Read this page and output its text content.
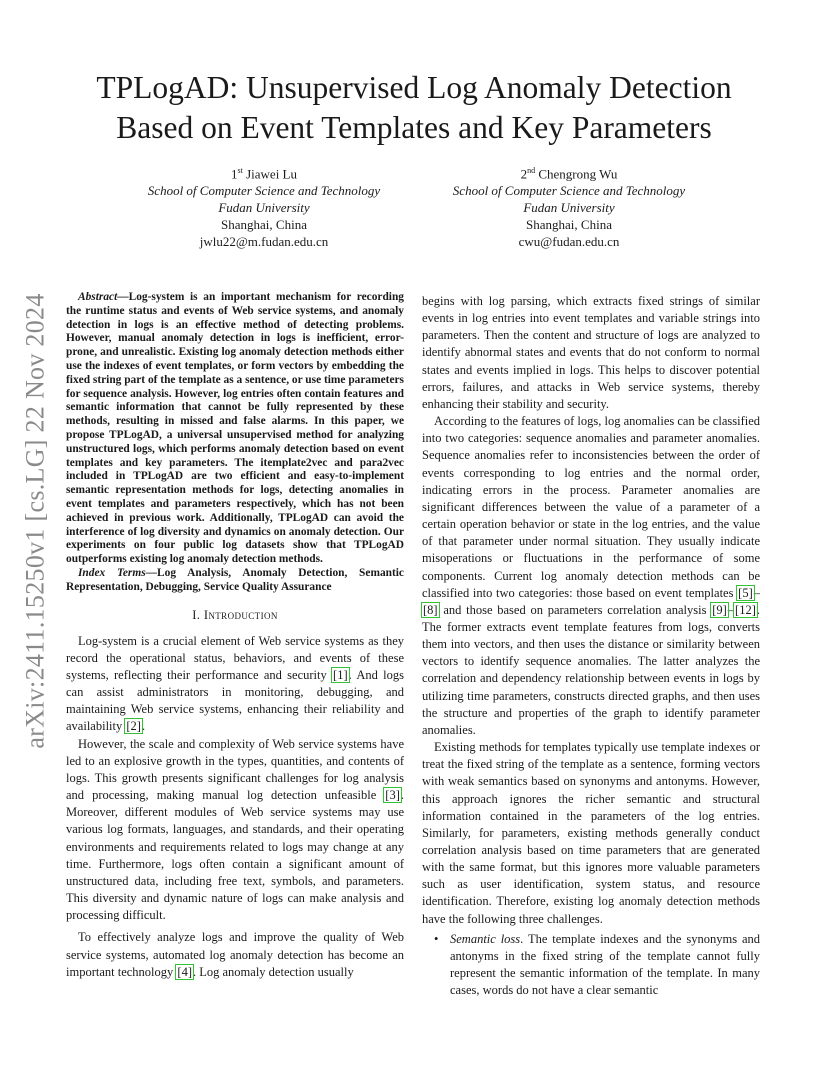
arXiv:2411.15250v1 [cs.LG] 22 Nov 2024
TPLogAD: Unsupervised Log Anomaly Detection
Based on Event Templates and Key Parameters
1st Jiawei Lu
School of Computer Science and Technology
Fudan University
Shanghai, China
jwlu22@m.fudan.edu.cn
2nd Chengrong Wu
School of Computer Science and Technology
Fudan University
Shanghai, China
cwu@fudan.edu.cn

Abstract—Log-system is an important mechanism for recording the runtime status and events of Web service systems, and anomaly detection in logs is an effective method of detecting problems. However, manual anomaly detection in logs is inefficient, error-prone, and unrealistic. Existing log anomaly detection methods either use the indexes of event templates, or form vectors by embedding the fixed string part of the template as a sentence, or use time parameters for sequence analysis. However, log entries often contain features and semantic information that cannot be fully represented by these methods, resulting in missed and false alarms. In this paper, we propose TPLogAD, a universal unsupervised method for analyzing unstructured logs, which performs anomaly detection based on event templates and key parameters. The itemplate2vec and para2vec included in TPLogAD are two efficient and easy-to-implement semantic representation methods for logs, detecting anomalies in event templates and parameters respectively, which has not been achieved in previous work. Additionally, TPLogAD can avoid the interference of log diversity and dynamics on anomaly detection. Our experiments on four public log datasets show that TPLogAD outperforms existing log anomaly detection methods.

Index Terms—Log Analysis, Anomaly Detection, Semantic Representation, Debugging, Service Quality Assurance

I. Introduction

Log-system is a crucial element of Web service systems as they record the operational status, behaviors, and events of these systems, reflecting their performance and security [1]. And logs can assist administrators in monitoring, debugging, and maintaining Web service systems, enhancing their reliability and availability [2].

However, the scale and complexity of Web service systems have led to an explosive growth in the types, quantities, and contents of logs. This growth presents significant challenges for log analysis and processing, making manual log detection unfeasible [3]. Moreover, different modules of Web service systems may use various log formats, languages, and standards, and their operating environments and requirements related to logs may change at any time. Furthermore, logs often contain a significant amount of unstructured data, including free text, symbols, and parameters. This diversity and dynamic nature of logs can make analysis and processing difficult.

To effectively analyze logs and improve the quality of Web service systems, automated log anomaly detection has become an important technology [4]. Log anomaly detection usually

begins with log parsing, which extracts fixed strings of similar events in log entries into event templates and variable strings into parameters. Then the content and structure of logs are analyzed to identify abnormal states and events that do not conform to normal states and events implied in logs. This helps to discover potential errors, failures, and attacks in Web service systems, thereby enhancing their stability and security.

According to the features of logs, log anomalies can be classified into two categories: sequence anomalies and parameter anomalies. Sequence anomalies refer to inconsistencies between the order of events corresponding to log entries and the normal order, indicating errors in the process. Parameter anomalies are significant differences between the value of a parameter of a certain operation behavior or state in the log entries, and the value of that parameter under normal situation. They usually indicate misoperations or fluctuations in the performance of some components. Current log anomaly detection methods can be classified into two categories: those based on event templates [5]–[8] and those based on parameters correlation analysis [9]–[12]. The former extracts event template features from logs, converts them into vectors, and then uses the distance or similarity between vectors to identify sequence anomalies. The latter analyzes the correlation and dependency relationship between events in logs by utilizing time parameters, constructs directed graphs, and then uses the structure and properties of the graph to identify parameter anomalies.

Existing methods for templates typically use template indexes or treat the fixed string of the template as a sentence, forming vectors with weak semantics based on synonyms and antonyms. However, this approach ignores the richer semantic and structural information contained in the parameters of the log entries. Similarly, for parameters, existing methods generally conduct correlation analysis based on time parameters that are generated with the same format, but this ignores more valuable parameters such as user identification, system status, and resource identification. Therefore, existing log anomaly detection methods have the following three challenges.

• Semantic loss. The template indexes and the synonyms and antonyms in the fixed string of the template cannot fully represent the semantic information of the template. In many cases, words do not have a clear semantic
